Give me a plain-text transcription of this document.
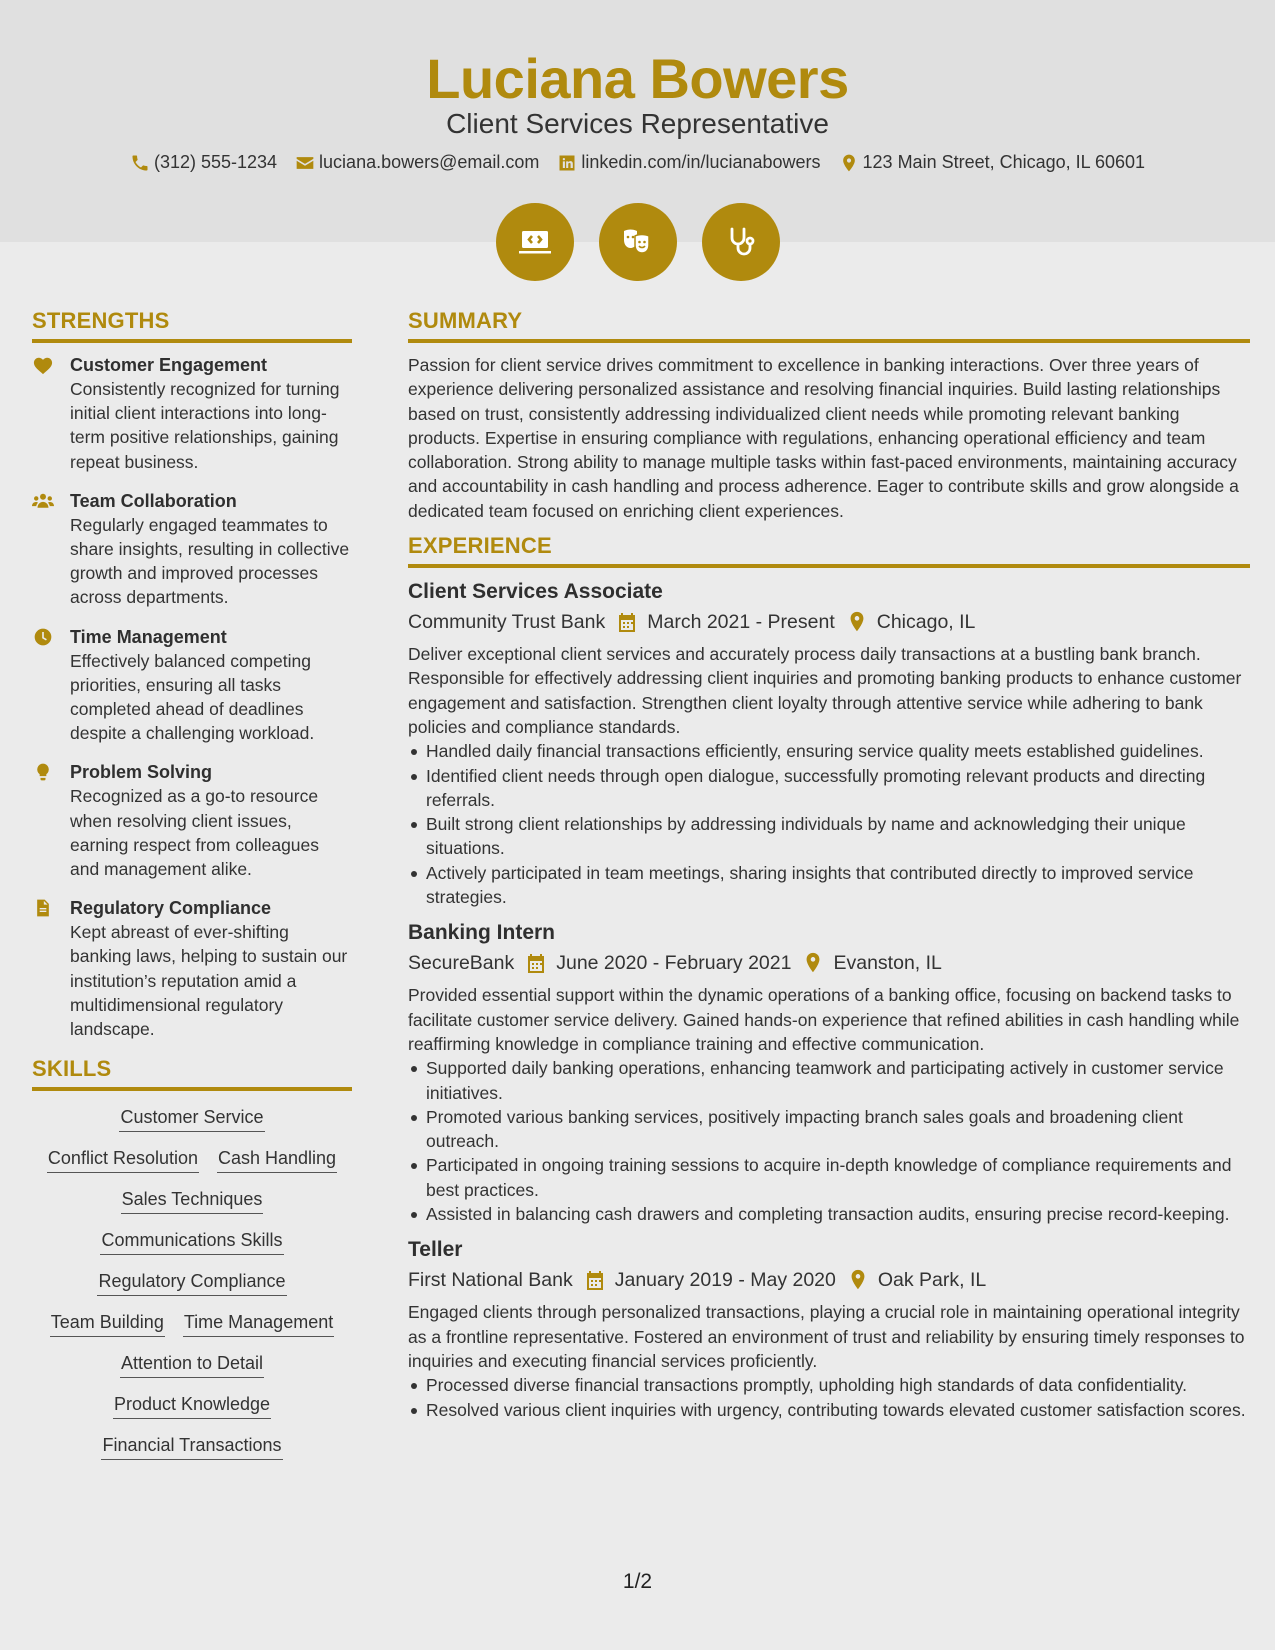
Luciana Bowers
Client Services Representative
(312) 555-1234 luciana.bowers@email.com linkedin.com/in/lucianabowers 123 Main Street, Chicago, IL 60601
STRENGTHS
Customer Engagement
Consistently recognized for turning initial client interactions into long-term positive relationships, gaining repeat business.
Team Collaboration
Regularly engaged teammates to share insights, resulting in collective growth and improved processes across departments.
Time Management
Effectively balanced competing priorities, ensuring all tasks completed ahead of deadlines despite a challenging workload.
Problem Solving
Recognized as a go-to resource when resolving client issues, earning respect from colleagues and management alike.
Regulatory Compliance
Kept abreast of ever-shifting banking laws, helping to sustain our institution’s reputation amid a multidimensional regulatory landscape.
SKILLS
Customer Service
Conflict Resolution Cash Handling
Sales Techniques
Communications Skills
Regulatory Compliance
Team Building Time Management
Attention to Detail
Product Knowledge
Financial Transactions
SUMMARY
Passion for client service drives commitment to excellence in banking interactions. Over three years of experience delivering personalized assistance and resolving financial inquiries. Build lasting relationships based on trust, consistently addressing individualized client needs while promoting relevant banking products. Expertise in ensuring compliance with regulations, enhancing operational efficiency and team collaboration. Strong ability to manage multiple tasks within fast-paced environments, maintaining accuracy and accountability in cash handling and process adherence. Eager to contribute skills and grow alongside a dedicated team focused on enriching client experiences.
EXPERIENCE
Client Services Associate
Community Trust Bank March 2021 - Present Chicago, IL
Deliver exceptional client services and accurately process daily transactions at a bustling bank branch. Responsible for effectively addressing client inquiries and promoting banking products to enhance customer engagement and satisfaction. Strengthen client loyalty through attentive service while adhering to bank policies and compliance standards.
Handled daily financial transactions efficiently, ensuring service quality meets established guidelines.
Identified client needs through open dialogue, successfully promoting relevant products and directing referrals.
Built strong client relationships by addressing individuals by name and acknowledging their unique situations.
Actively participated in team meetings, sharing insights that contributed directly to improved service strategies.
Banking Intern
SecureBank June 2020 - February 2021 Evanston, IL
Provided essential support within the dynamic operations of a banking office, focusing on backend tasks to facilitate customer service delivery. Gained hands-on experience that refined abilities in cash handling while reaffirming knowledge in compliance training and effective communication.
Supported daily banking operations, enhancing teamwork and participating actively in customer service initiatives.
Promoted various banking services, positively impacting branch sales goals and broadening client outreach.
Participated in ongoing training sessions to acquire in-depth knowledge of compliance requirements and best practices.
Assisted in balancing cash drawers and completing transaction audits, ensuring precise record-keeping.
Teller
First National Bank January 2019 - May 2020 Oak Park, IL
Engaged clients through personalized transactions, playing a crucial role in maintaining operational integrity as a frontline representative. Fostered an environment of trust and reliability by ensuring timely responses to inquiries and executing financial services proficiently.
Processed diverse financial transactions promptly, upholding high standards of data confidentiality.
Resolved various client inquiries with urgency, contributing towards elevated customer satisfaction scores.
1/2
